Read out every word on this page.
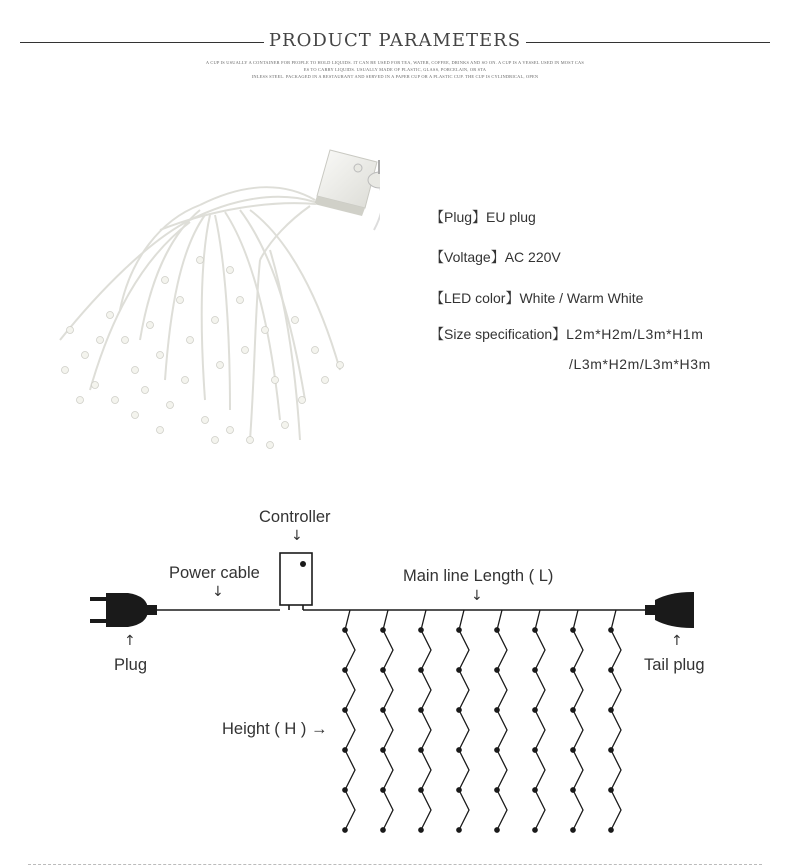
PRODUCT PARAMETERS
A CUP IS USUALLY A CONTAINER FOR PEOPLE TO HOLD LIQUIDS. IT CAN BE USED FOR TEA, WATER, COFFEE, DRINKS AND SO ON. A CUP IS A VESSEL USED IN MOST CAS
ES TO CARRY LIQUIDS. USUALLY MADE OF PLASTIC, GLASS, PORCELAIN, OR STA
INLESS STEEL. PACKAGED IN A RESTAURANT AND SERVED IN A PAPER CUP OR A PLASTIC CUP. THE CUP IS CYLINDRICAL, OPEN
【Plug】EU plug
【Voltage】AC 220V
【LED color】White / Warm White
【Size specification】L2m*H2m/L3m*H1m
/L3m*H2m/L3m*H3m
Controller
↓
Power cable
↓
Main line Length ( L)
↓
↑
Plug
↑
Tail plug
Height ( H ) →
